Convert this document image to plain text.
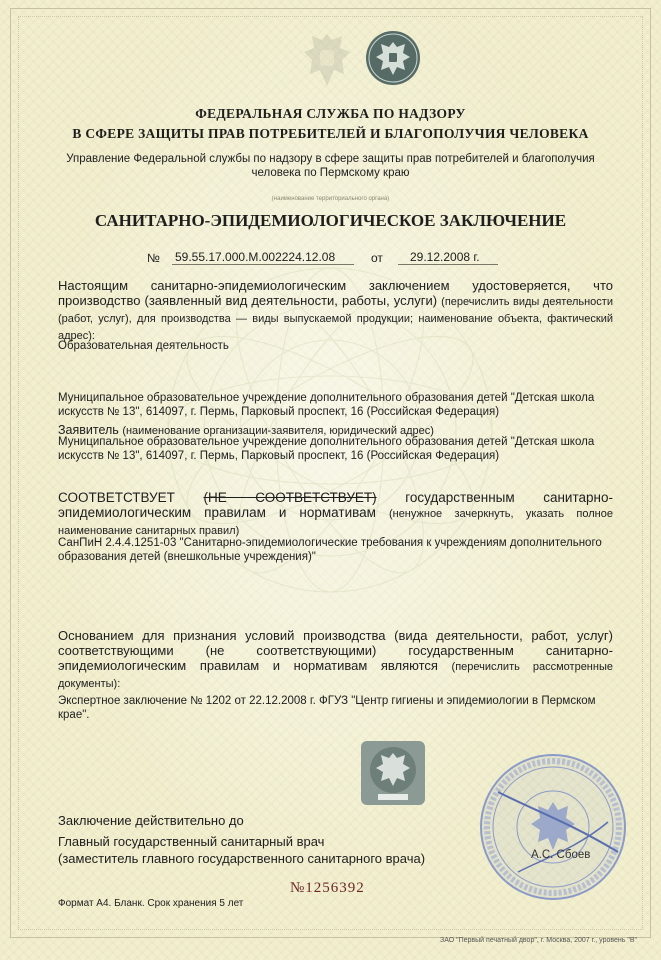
ФЕДЕРАЛЬНАЯ СЛУЖБА ПО НАДЗОРУ
В СФЕРЕ ЗАЩИТЫ ПРАВ ПОТРЕБИТЕЛЕЙ И БЛАГОПОЛУЧИЯ ЧЕЛОВЕКА
Управление Федеральной службы по надзору в сфере защиты прав потребителей и благополучия человека по Пермскому краю
(наименование территориального органа)
САНИТАРНО-ЭПИДЕМИОЛОГИЧЕСКОЕ ЗАКЛЮЧЕНИЕ
№ 59.55.17.000.М.002224.12.08	от 29.12.2008 г.
Настоящим санитарно-эпидемиологическим заключением удостоверяется, что производство (заявленный вид деятельности, работы, услуги) (перечислить виды деятельности (работ, услуг), для производства — виды выпускаемой продукции; наименование объекта, фактический адрес):
Образовательная деятельность
Муниципальное образовательное учреждение дополнительного образования детей "Детская школа искусств № 13", 614097, г. Пермь, Парковый проспект, 16 (Российская Федерация)
Заявитель (наименование организации-заявителя, юридический адрес)
Муниципальное образовательное учреждение дополнительного образования детей "Детская школа искусств № 13", 614097, г. Пермь, Парковый проспект, 16 (Российская Федерация)
СООТВЕТСТВУЕТ (НЕ СООТВЕТСТВУЕТ) государственным санитарно-эпидемиологическим правилам и нормативам (ненужное зачеркнуть, указать полное наименование санитарных правил)
СанПиН 2.4.4.1251-03 "Санитарно-эпидемиологические требования к учреждениям дополнительного образования детей (внешкольные учреждения)"
Основанием для признания условий производства (вида деятельности, работ, услуг) соответствующими (не соответствующими) государственным санитарно-эпидемиологическим правилам и нормативам являются (перечислить рассмотренные документы):
Экспертное заключение № 1202 от 22.12.2008 г. ФГУЗ "Центр гигиены и эпидемиологии в Пермском крае".
Заключение действительно до
Главный государственный санитарный врач
(заместитель главного государственного санитарного врача)	А.С. Сбоев
№1256392
Формат А4. Бланк. Срок хранения 5 лет
ЗАО "Первый печатный двор", г. Москва, 2007 г., уровень "В"
